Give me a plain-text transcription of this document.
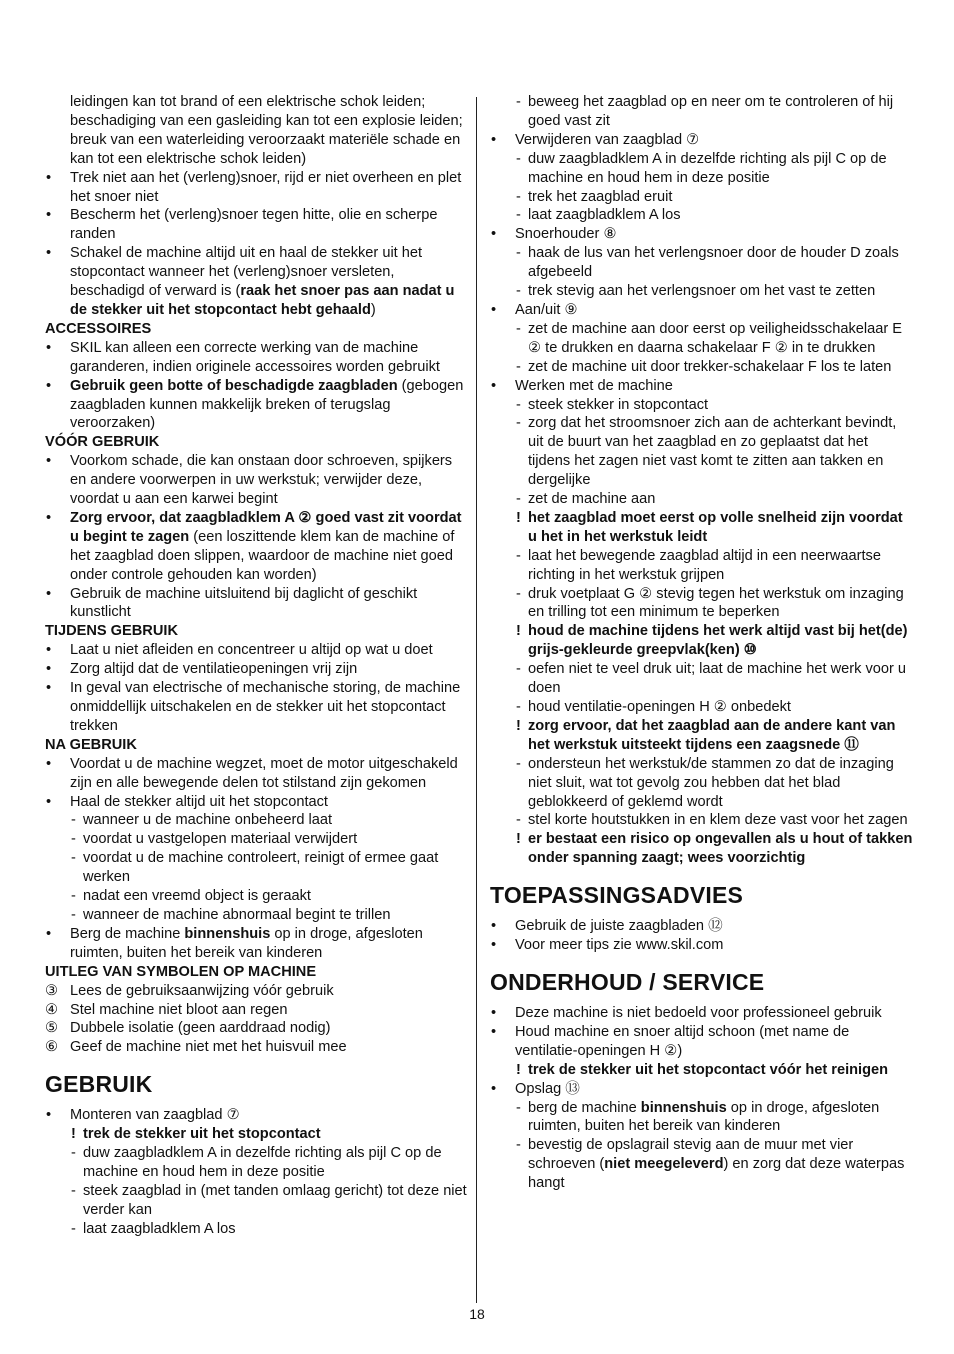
leidingen kan tot brand of een elektrische schok leiden; beschadiging van een gasleiding kan tot een explosie leiden; breuk van een waterleiding veroorzaakt materiële schade en kan tot een elektrische schok leiden)

• Trek niet aan het (verleng)snoer, rijd er niet overheen en plet het snoer niet

• Bescherm het (verleng)snoer tegen hitte, olie en scherpe randen

• Schakel de machine altijd uit en haal de stekker uit het stopcontact wanneer het (verleng)snoer versleten, beschadigd of verward is (raak het snoer pas aan nadat u de stekker uit het stopcontact hebt gehaald)

ACCESSOIRES

• SKIL kan alleen een correcte werking van de machine garanderen, indien originele accessoires worden gebruikt

• Gebruik geen botte of beschadigde zaagbladen (gebogen zaagbladen kunnen makkelijk breken of terugslag veroorzaken)

VÓÓR GEBRUIK

• Voorkom schade, die kan onstaan door schroeven, spijkers en andere voorwerpen in uw werkstuk; verwijder deze, voordat u aan een karwei begint

• Zorg ervoor, dat zaagbladklem A ② goed vast zit voordat u begint te zagen (een loszittende klem kan de machine of het zaagblad doen slippen, waardoor de machine niet goed onder controle gehouden kan worden)

• Gebruik de machine uitsluitend bij daglicht of geschikt kunstlicht

TIJDENS GEBRUIK

• Laat u niet afleiden en concentreer u altijd op wat u doet

• Zorg altijd dat de ventilatieopeningen vrij zijn

• In geval van electrische of mechanische storing, de machine onmiddellijk uitschakelen en de stekker uit het stopcontact trekken

NA GEBRUIK

• Voordat u de machine wegzet, moet de motor uitgeschakeld zijn en alle bewegende delen tot stilstand zijn gekomen

• Haal de stekker altijd uit het stopcontact

- wanneer u de machine onbeheerd laat

- voordat u vastgelopen materiaal verwijdert

- voordat u de machine controleert, reinigt of ermee gaat werken

- nadat een vreemd object is geraakt

- wanneer de machine abnormaal begint te trillen

• Berg de machine binnenshuis op in droge, afgesloten ruimten, buiten het bereik van kinderen

UITLEG VAN SYMBOLEN OP MACHINE

③ Lees de gebruiksaanwijzing vóór gebruik

④ Stel machine niet bloot aan regen

⑤ Dubbele isolatie (geen aarddraad nodig)

⑥ Geef de machine niet met het huisvuil mee

GEBRUIK

• Monteren van zaagblad ⑦

! trek de stekker uit het stopcontact

- duw zaagbladklem A in dezelfde richting als pijl C op de machine en houd hem in deze positie

- steek zaagblad in (met tanden omlaag gericht) tot deze niet verder kan

- laat zaagbladklem A los

- beweeg het zaagblad op en neer om te controleren of hij goed vast zit

• Verwijderen van zaagblad ⑦

- duw zaagbladklem A in dezelfde richting als pijl C op de machine en houd hem in deze positie

- trek het zaagblad eruit

- laat zaagbladklem A los

• Snoerhouder ⑧

- haak de lus van het verlengsnoer door de houder D zoals afgebeeld

- trek stevig aan het verlengsnoer om het vast te zetten

• Aan/uit ⑨

- zet de machine aan door eerst op veiligheidsschakelaar E ② te drukken en daarna schakelaar F ② in te drukken

- zet de machine uit door trekker-schakelaar F los te laten

• Werken met de machine

- steek stekker in stopcontact

- zorg dat het stroomsnoer zich aan de achterkant bevindt, uit de buurt van het zaagblad en zo geplaatst dat het tijdens het zagen niet vast komt te zitten aan takken en dergelijke

- zet de machine aan

! het zaagblad moet eerst op volle snelheid zijn voordat u het in het werkstuk leidt

- laat het bewegende zaagblad altijd in een neerwaartse richting in het werkstuk grijpen

- druk voetplaat G ② stevig tegen het werkstuk om inzaging en trilling tot een minimum te beperken

! houd de machine tijdens het werk altijd vast bij het(de) grijs-gekleurde greepvlak(ken) ⑩

- oefen niet te veel druk uit; laat de machine het werk voor u doen

- houd ventilatie-openingen H ② onbedekt

! zorg ervoor, dat het zaagblad aan de andere kant van het werkstuk uitsteekt tijdens een zaagsnede ⑪

- ondersteun het werkstuk/de stammen zo dat de inzaging niet sluit, wat tot gevolg zou hebben dat het blad geblokkeerd of geklemd wordt

- stel korte houtstukken in en klem deze vast voor het zagen

! er bestaat een risico op ongevallen als u hout of takken onder spanning zaagt; wees voorzichtig

TOEPASSINGSADVIES

• Gebruik de juiste zaagbladen ⑫

• Voor meer tips zie www.skil.com

ONDERHOUD / SERVICE

• Deze machine is niet bedoeld voor professioneel gebruik

• Houd machine en snoer altijd schoon (met name de ventilatie-openingen H ②)

! trek de stekker uit het stopcontact vóór het reinigen

• Opslag ⑬

- berg de machine binnenshuis op in droge, afgesloten ruimten, buiten het bereik van kinderen

- bevestig de opslagrail stevig aan de muur met vier schroeven (niet meegeleverd) en zorg dat deze waterpas hangt

18
